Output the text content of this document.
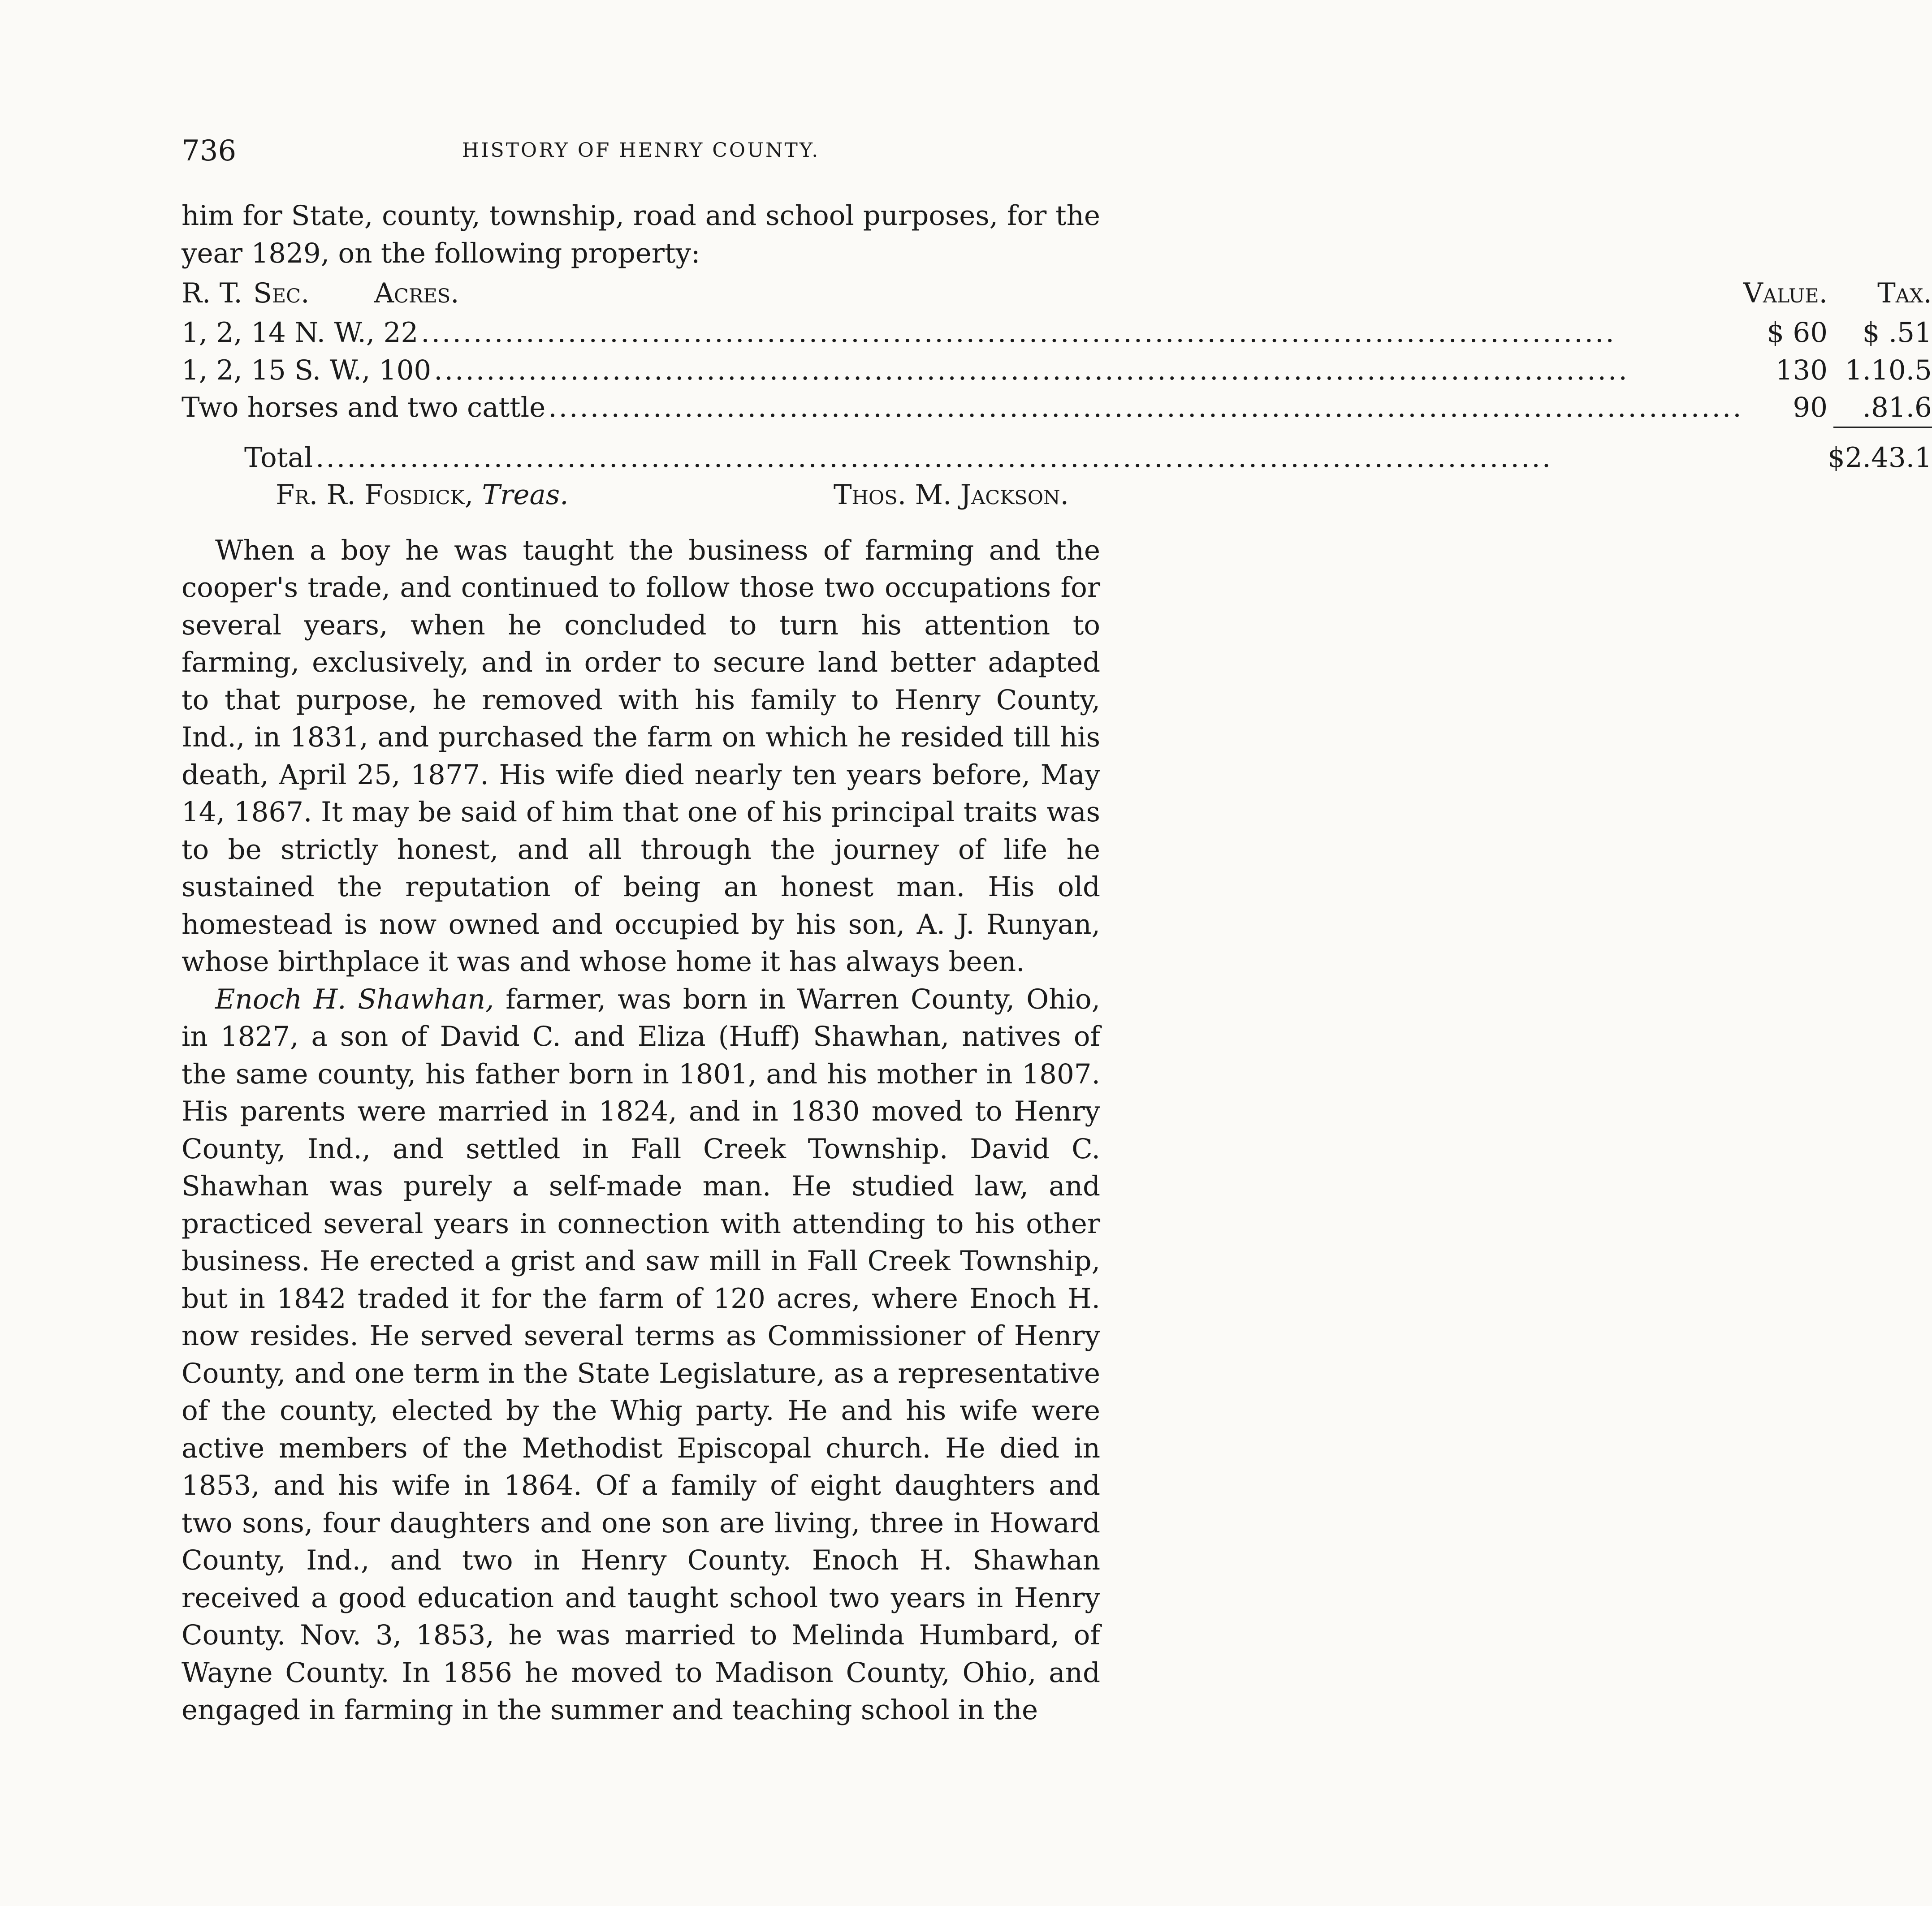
736	HISTORY OF HENRY COUNTY.

him for State, county, township, road and school purposes, for the year 1829, on the following property:

R. T.	Sec.	Acres.		Value.	Tax.

1, 2, 14 N. W., 22 ..................................................................................................................				$ 60	$ .51

1, 2, 15 S. W., 100 ..................................................................................................................				130	1.10.5

Two horses and two cattle ..................................................................................................................				90	.81.6

Total ......................................................................................................................					$2.43.1
Fr. R. Fosdick, Treas.	Thos. M. Jackson.

When a boy he was taught the business of farming and the cooper's trade, and continued to follow those two occupations for several years, when he concluded to turn his attention to farming, exclusively, and in order to secure land better adapted to that purpose, he removed with his family to Henry County, Ind., in 1831, and purchased the farm on which he resided till his death, April 25, 1877. His wife died nearly ten years before, May 14, 1867. It may be said of him that one of his principal traits was to be strictly honest, and all through the journey of life he sustained the reputation of being an honest man. His old homestead is now owned and occupied by his son, A. J. Runyan, whose birthplace it was and whose home it has always been.

Enoch H. Shawhan, farmer, was born in Warren County, Ohio, in 1827, a son of David C. and Eliza (Huff) Shawhan, natives of the same county, his father born in 1801, and his mother in 1807. His parents were married in 1824, and in 1830 moved to Henry County, Ind., and settled in Fall Creek Township. David C. Shawhan was purely a self-made man. He studied law, and practiced several years in connection with attending to his other business. He erected a grist and saw mill in Fall Creek Township, but in 1842 traded it for the farm of 120 acres, where Enoch H. now resides. He served several terms as Commissioner of Henry County, and one term in the State Legislature, as a representative of the county, elected by the Whig party. He and his wife were active members of the Methodist Episcopal church. He died in 1853, and his wife in 1864. Of a family of eight daughters and two sons, four daughters and one son are living, three in Howard County, Ind., and two in Henry County. Enoch H. Shawhan received a good education and taught school two years in Henry County. Nov. 3, 1853, he was married to Melinda Humbard, of Wayne County. In 1856 he moved to Madison County, Ohio, and engaged in farming in the summer and teaching school in the
